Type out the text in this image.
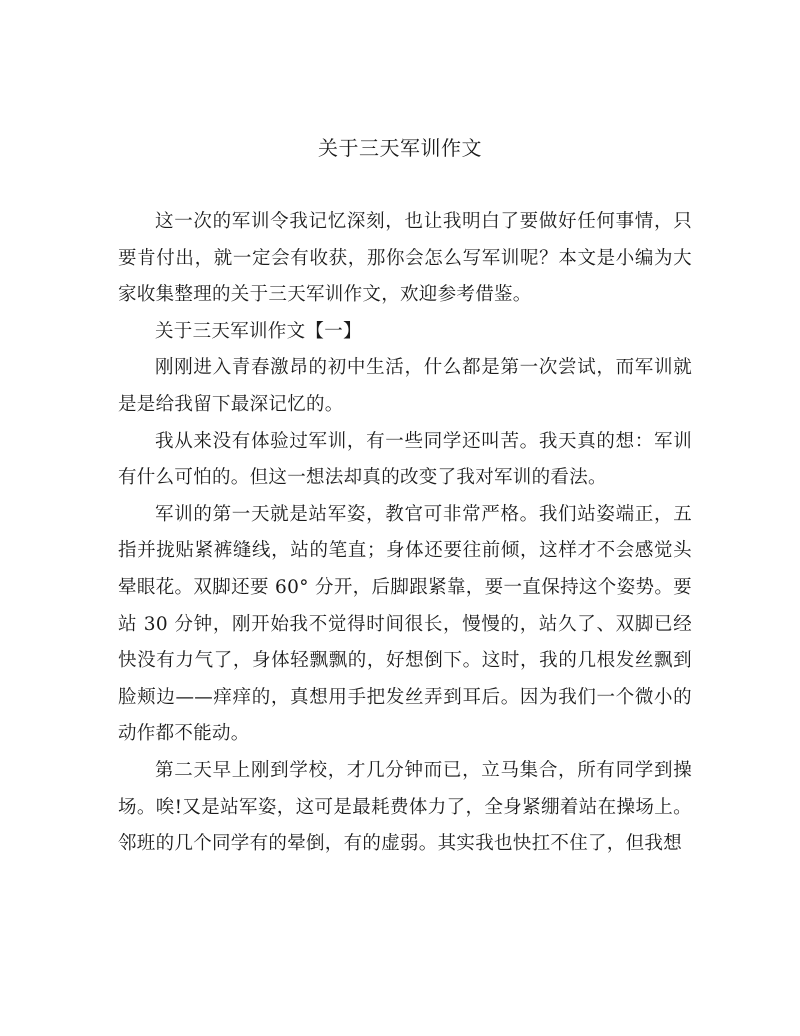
关于三天军训作文

这一次的军训令我记忆深刻，也让我明白了要做好任何事情，只要肯付出，就一定会有收获，那你会怎么写军训呢？本文是小编为大家收集整理的关于三天军训作文，欢迎参考借鉴。

关于三天军训作文【一】

刚刚进入青春激昂的初中生活，什么都是第一次尝试，而军训就是是给我留下最深记忆的。

我从来没有体验过军训，有一些同学还叫苦。我天真的想：军训有什么可怕的。但这一想法却真的改变了我对军训的看法。

军训的第一天就是站军姿，教官可非常严格。我们站姿端正，五指并拢贴紧裤缝线，站的笔直；身体还要往前倾，这样才不会感觉头晕眼花。双脚还要 60° 分开，后脚跟紧靠，要一直保持这个姿势。要站 30 分钟，刚开始我不觉得时间很长，慢慢的，站久了、双脚已经快没有力气了，身体轻飘飘的，好想倒下。这时，我的几根发丝飘到脸颊边——痒痒的，真想用手把发丝弄到耳后。因为我们一个微小的动作都不能动。

第二天早上刚到学校，才几分钟而已，立马集合，所有同学到操场。唉!又是站军姿，这可是最耗费体力了，全身紧绷着站在操场上。邻班的几个同学有的晕倒，有的虚弱。其实我也快扛不住了，但我想
